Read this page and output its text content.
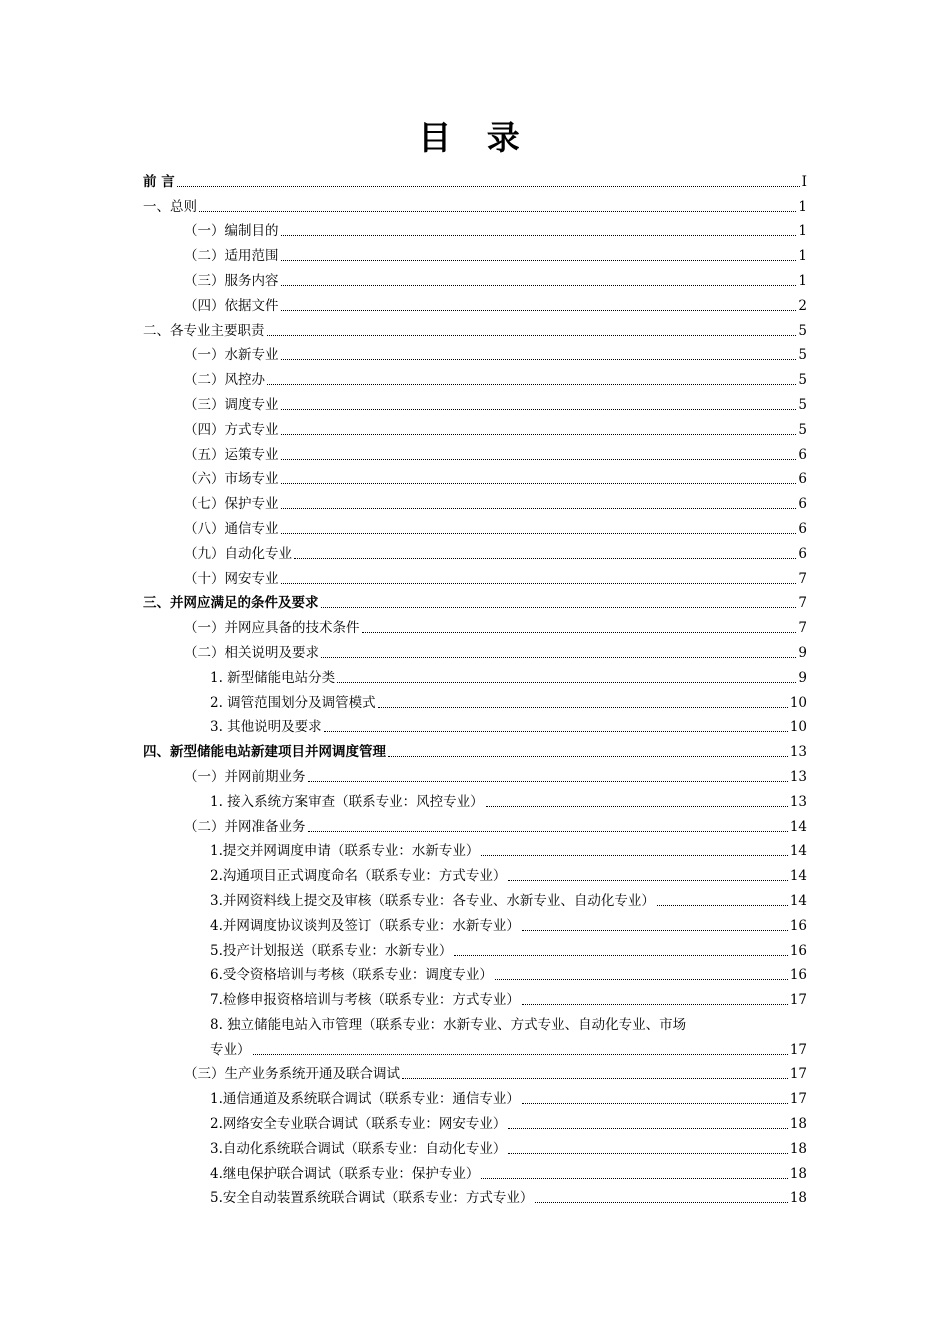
目 录
前 言	I
一、总则	1
（一）编制目的	1
（二）适用范围	1
（三）服务内容	1
（四）依据文件	2
二、各专业主要职责	5
（一）水新专业	5
（二）风控办	5
（三）调度专业	5
（四）方式专业	5
（五）运策专业	6
（六）市场专业	6
（七）保护专业	6
（八）通信专业	6
（九）自动化专业	6
（十）网安专业	7
三、并网应满足的条件及要求	7
（一）并网应具备的技术条件	7
（二）相关说明及要求	9
1. 新型储能电站分类	9
2. 调管范围划分及调管模式	10
3. 其他说明及要求	10
四、新型储能电站新建项目并网调度管理	13
（一）并网前期业务	13
1. 接入系统方案审查（联系专业：风控专业）	13
（二）并网准备业务	14
1.提交并网调度申请（联系专业：水新专业）	14
2.沟通项目正式调度命名（联系专业：方式专业）	14
3.并网资料线上提交及审核（联系专业：各专业、水新专业、自动化专业）	14
4.并网调度协议谈判及签订（联系专业：水新专业）	16
5.投产计划报送（联系专业：水新专业）	16
6.受令资格培训与考核（联系专业：调度专业）	16
7.检修申报资格培训与考核（联系专业：方式专业）	17
8. 独立储能电站入市管理（联系专业：水新专业、方式专业、自动化专业、市场
专业）	17
（三）生产业务系统开通及联合调试	17
1.通信通道及系统联合调试（联系专业：通信专业）	17
2.网络安全专业联合调试（联系专业：网安专业）	18
3.自动化系统联合调试（联系专业：自动化专业）	18
4.继电保护联合调试（联系专业：保护专业）	18
5.安全自动装置系统联合调试（联系专业：方式专业）	18
